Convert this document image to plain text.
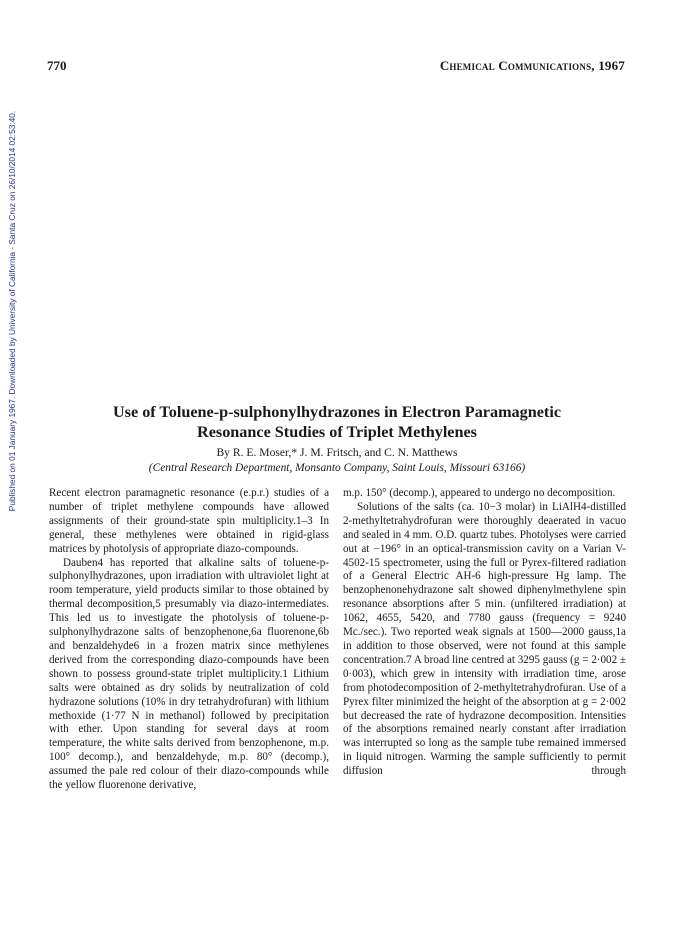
Published on 01 January 1967. Downloaded by University of California - Santa Cruz on 26/10/2014 02:53:40.
770	Chemical Communications, 1967
Use of Toluene-p-sulphonylhydrazones in Electron Paramagnetic
Resonance Studies of Triplet Methylenes
By R. E. Moser,* J. M. Fritsch, and C. N. Matthews
(Central Research Department, Monsanto Company, Saint Louis, Missouri 63166)

Recent electron paramagnetic resonance (e.p.r.) studies of a number of triplet methylene compounds have allowed assignments of their ground-state spin multiplicity.1–3 In general, these methylenes were obtained in rigid-glass matrices by photolysis of appropriate diazo-compounds.

Dauben4 has reported that alkaline salts of toluene-p-sulphonylhydrazones, upon irradiation with ultraviolet light at room temperature, yield products similar to those obtained by thermal decomposition,5 presumably via diazo-intermediates. This led us to investigate the photolysis of toluene-p-sulphonylhydrazone salts of benzophenone,6a fluorenone,6b and benzaldehyde6 in a frozen matrix since methylenes derived from the corresponding diazo-compounds have been shown to possess ground-state triplet multiplicity.1 Lithium salts were obtained as dry solids by neutralization of cold hydrazone solutions (10% in dry tetrahydrofuran) with lithium methoxide (1·77 N in methanol) followed by precipitation with ether. Upon standing for several days at room temperature, the white salts derived from benzophenone, m.p. 100° decomp.), and benzaldehyde, m.p. 80° (decomp.), assumed the pale red colour of their diazo-compounds while the yellow fluorenone derivative,

m.p. 150° (decomp.), appeared to undergo no decomposition.

Solutions of the salts (ca. 10−3 molar) in LiAlH4-distilled 2-methyltetrahydrofuran were thoroughly deaerated in vacuo and sealed in 4 mm. O.D. quartz tubes. Photolyses were carried out at −196° in an optical-transmission cavity on a Varian V-4502-15 spectrometer, using the full or Pyrex-filtered radiation of a General Electric AH-6 high-pressure Hg lamp. The benzophenonehydrazone salt showed diphenylmethylene spin resonance absorptions after 5 min. (unfiltered irradiation) at 1062, 4655, 5420, and 7780 gauss (frequency = 9240 Mc./sec.). Two reported weak signals at 1500—2000 gauss,1a in addition to those observed, were not found at this sample concentration.7 A broad line centred at 3295 gauss (g = 2·002 ± 0·003), which grew in intensity with irradiation time, arose from photodecomposition of 2-methyltetrahydrofuran. Use of a Pyrex filter minimized the height of the absorption at g = 2·002 but decreased the rate of hydrazone decomposition. Intensities of the absorptions remained nearly constant after irradiation was interrupted so long as the sample tube remained immersed in liquid nitrogen. Warming the sample sufficiently to permit diffusion through
